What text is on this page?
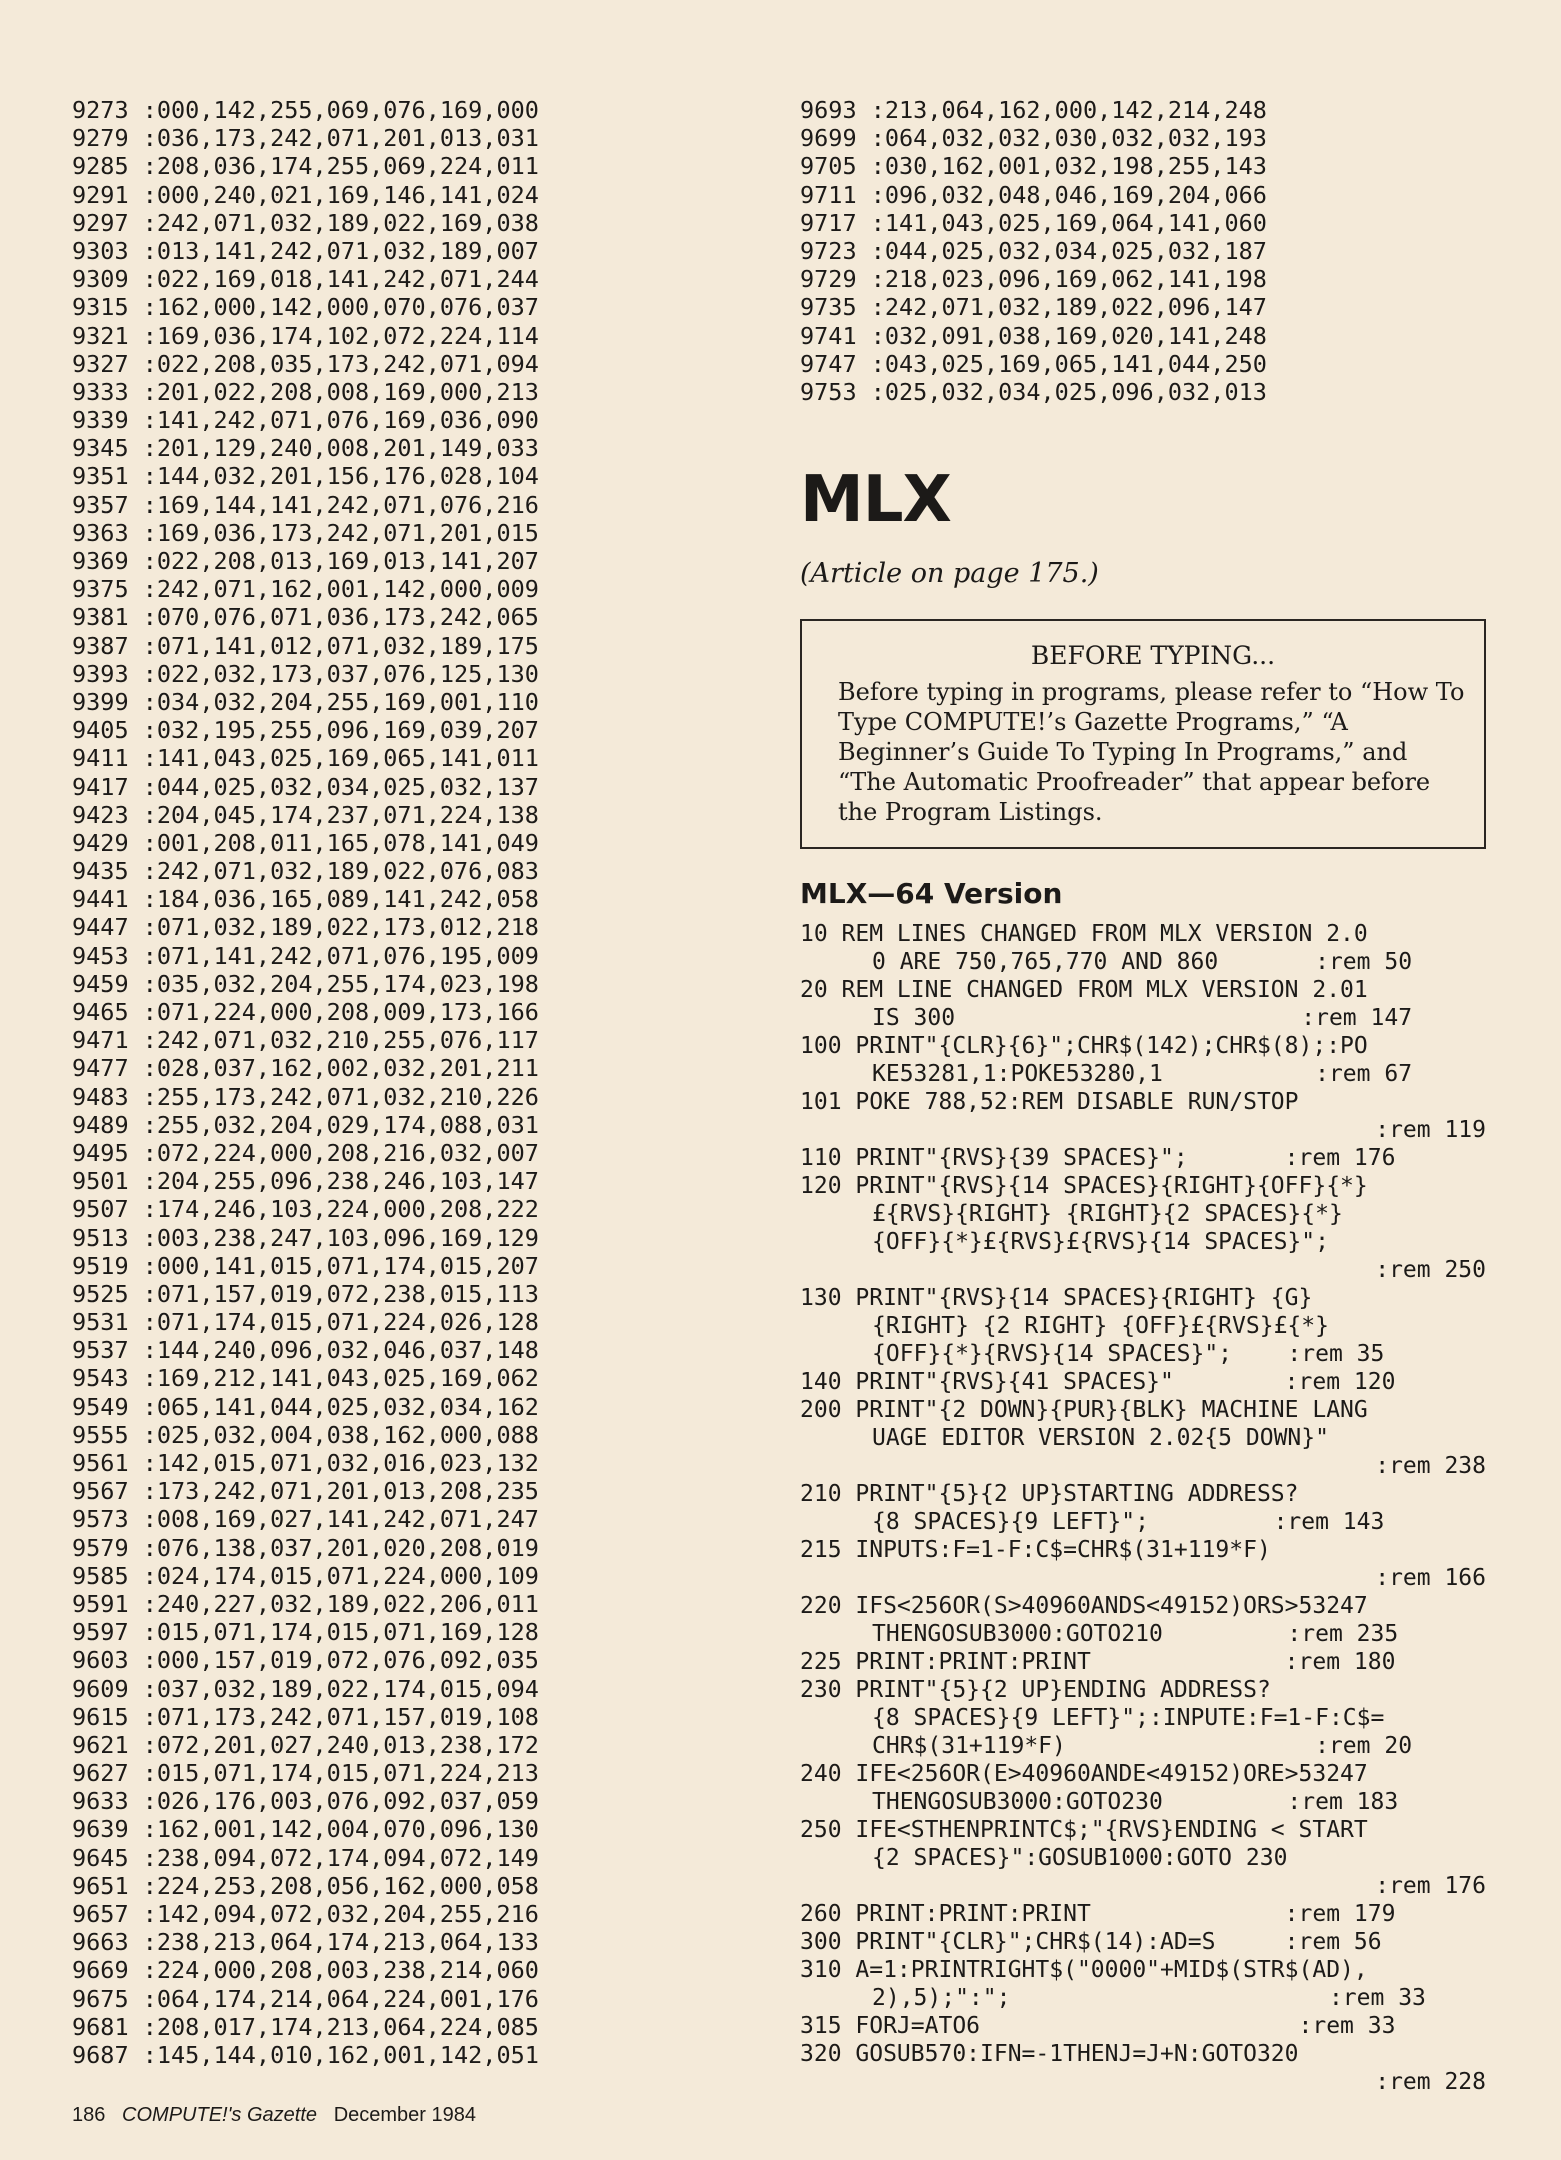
9273 :000,142,255,069,076,169,000
9279 :036,173,242,071,201,013,031
9285 :208,036,174,255,069,224,011
9291 :000,240,021,169,146,141,024
9297 :242,071,032,189,022,169,038
9303 :013,141,242,071,032,189,007
9309 :022,169,018,141,242,071,244
9315 :162,000,142,000,070,076,037
9321 :169,036,174,102,072,224,114
9327 :022,208,035,173,242,071,094
9333 :201,022,208,008,169,000,213
9339 :141,242,071,076,169,036,090
9345 :201,129,240,008,201,149,033
9351 :144,032,201,156,176,028,104
9357 :169,144,141,242,071,076,216
9363 :169,036,173,242,071,201,015
9369 :022,208,013,169,013,141,207
9375 :242,071,162,001,142,000,009
9381 :070,076,071,036,173,242,065
9387 :071,141,012,071,032,189,175
9393 :022,032,173,037,076,125,130
9399 :034,032,204,255,169,001,110
9405 :032,195,255,096,169,039,207
9411 :141,043,025,169,065,141,011
9417 :044,025,032,034,025,032,137
9423 :204,045,174,237,071,224,138
9429 :001,208,011,165,078,141,049
9435 :242,071,032,189,022,076,083
9441 :184,036,165,089,141,242,058
9447 :071,032,189,022,173,012,218
9453 :071,141,242,071,076,195,009
9459 :035,032,204,255,174,023,198
9465 :071,224,000,208,009,173,166
9471 :242,071,032,210,255,076,117
9477 :028,037,162,002,032,201,211
9483 :255,173,242,071,032,210,226
9489 :255,032,204,029,174,088,031
9495 :072,224,000,208,216,032,007
9501 :204,255,096,238,246,103,147
9507 :174,246,103,224,000,208,222
9513 :003,238,247,103,096,169,129
9519 :000,141,015,071,174,015,207
9525 :071,157,019,072,238,015,113
9531 :071,174,015,071,224,026,128
9537 :144,240,096,032,046,037,148
9543 :169,212,141,043,025,169,062
9549 :065,141,044,025,032,034,162
9555 :025,032,004,038,162,000,088
9561 :142,015,071,032,016,023,132
9567 :173,242,071,201,013,208,235
9573 :008,169,027,141,242,071,247
9579 :076,138,037,201,020,208,019
9585 :024,174,015,071,224,000,109
9591 :240,227,032,189,022,206,011
9597 :015,071,174,015,071,169,128
9603 :000,157,019,072,076,092,035
9609 :037,032,189,022,174,015,094
9615 :071,173,242,071,157,019,108
9621 :072,201,027,240,013,238,172
9627 :015,071,174,015,071,224,213
9633 :026,176,003,076,092,037,059
9639 :162,001,142,004,070,096,130
9645 :238,094,072,174,094,072,149
9651 :224,253,208,056,162,000,058
9657 :142,094,072,032,204,255,216
9663 :238,213,064,174,213,064,133
9669 :224,000,208,003,238,214,060
9675 :064,174,214,064,224,001,176
9681 :208,017,174,213,064,224,085
9687 :145,144,010,162,001,142,051
9693 :213,064,162,000,142,214,248
9699 :064,032,032,030,032,032,193
9705 :030,162,001,032,198,255,143
9711 :096,032,048,046,169,204,066
9717 :141,043,025,169,064,141,060
9723 :044,025,032,034,025,032,187
9729 :218,023,096,169,062,141,198
9735 :242,071,032,189,022,096,147
9741 :032,091,038,169,020,141,248
9747 :043,025,169,065,141,044,250
9753 :025,032,034,025,096,032,013
MLX
(Article on page 175.)
BEFORE TYPING...
Before typing in programs, please refer to “How To Type COMPUTE!’s Gazette Programs,” “A Beginner’s Guide To Typing In Programs,” and “The Automatic Proofreader” that appear before the Program Listings.
MLX—64 Version
10 REM LINES CHANGED FROM MLX VERSION 2.0
0 ARE 750,765,770 AND 860       :rem 50
20 REM LINE CHANGED FROM MLX VERSION 2.01
IS 300                         :rem 147
100 PRINT"{CLR}{6}";CHR$(142);CHR$(8);:PO
KE53281,1:POKE53280,1           :rem 67
101 POKE 788,52:REM DISABLE RUN/STOP
:rem 119
110 PRINT"{RVS}{39 SPACES}";       :rem 176
120 PRINT"{RVS}{14 SPACES}{RIGHT}{OFF}{*}
£{RVS}{RIGHT} {RIGHT}{2 SPACES}{*}
{OFF}{*}£{RVS}£{RVS}{14 SPACES}";
:rem 250
130 PRINT"{RVS}{14 SPACES}{RIGHT} {G}
{RIGHT} {2 RIGHT} {OFF}£{RVS}£{*}
{OFF}{*}{RVS}{14 SPACES}";    :rem 35
140 PRINT"{RVS}{41 SPACES}"        :rem 120
200 PRINT"{2 DOWN}{PUR}{BLK} MACHINE LANG
UAGE EDITOR VERSION 2.02{5 DOWN}"
:rem 238
210 PRINT"{5}{2 UP}STARTING ADDRESS?
{8 SPACES}{9 LEFT}";         :rem 143
215 INPUTS:F=1-F:C$=CHR$(31+119*F)
:rem 166
220 IFS<256OR(S>40960ANDS<49152)ORS>53247
THENGOSUB3000:GOTO210         :rem 235
225 PRINT:PRINT:PRINT              :rem 180
230 PRINT"{5}{2 UP}ENDING ADDRESS?
{8 SPACES}{9 LEFT}";:INPUTE:F=1-F:C$=
CHR$(31+119*F)                  :rem 20
240 IFE<256OR(E>40960ANDE<49152)ORE>53247
THENGOSUB3000:GOTO230         :rem 183
250 IFE<STHENPRINTC$;"{RVS}ENDING < START
{2 SPACES}":GOSUB1000:GOTO 230
:rem 176
260 PRINT:PRINT:PRINT              :rem 179
300 PRINT"{CLR}";CHR$(14):AD=S     :rem 56
310 A=1:PRINTRIGHT$("0000"+MID$(STR$(AD),
2),5);":";                       :rem 33
315 FORJ=ATO6                       :rem 33
320 GOSUB570:IFN=-1THENJ=J+N:GOTO320
:rem 228
186 COMPUTE!'s Gazette December 1984
